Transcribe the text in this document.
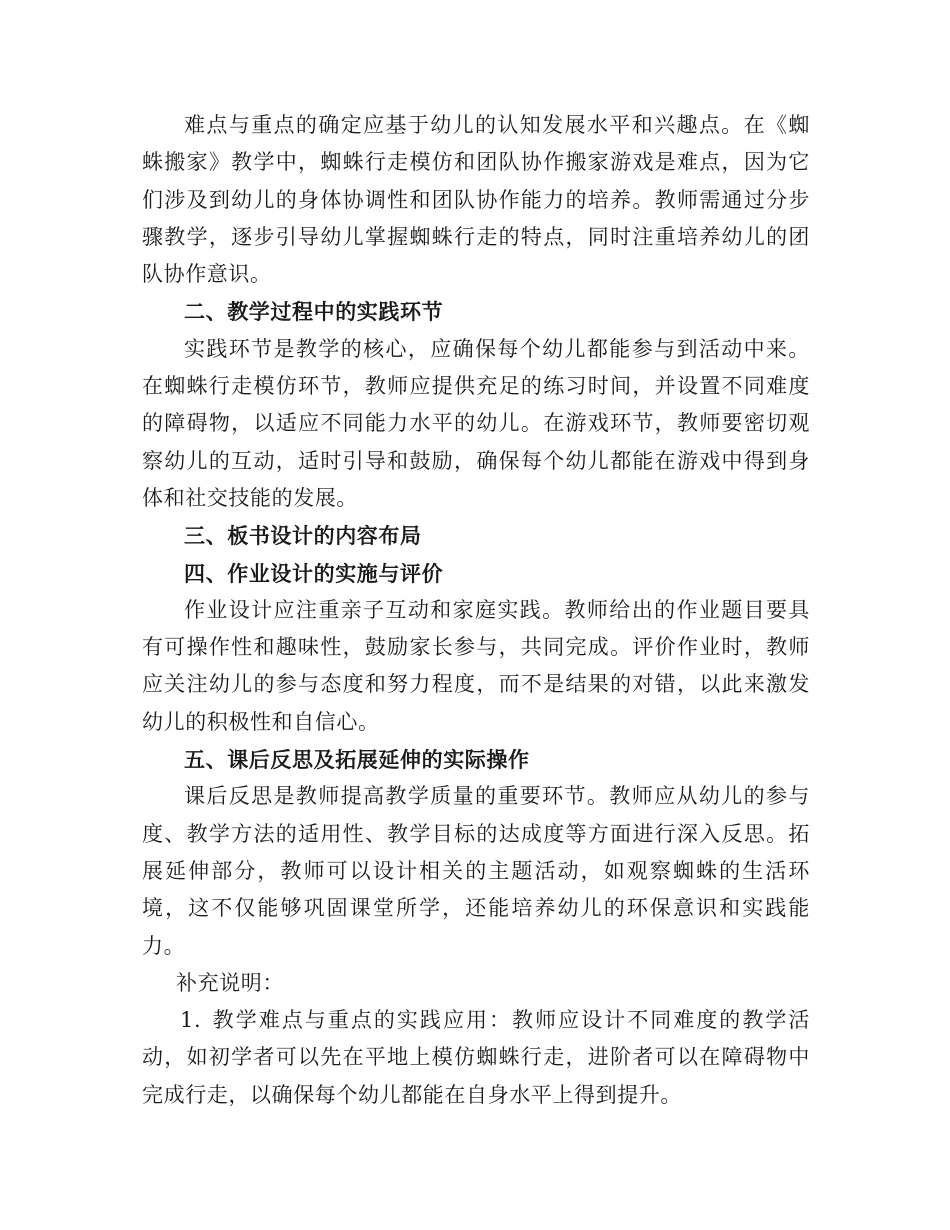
难点与重点的确定应基于幼儿的认知发展水平和兴趣点。在《蜘蛛搬家》教学中，蜘蛛行走模仿和团队协作搬家游戏是难点，因为它们涉及到幼儿的身体协调性和团队协作能力的培养。教师需通过分步骤教学，逐步引导幼儿掌握蜘蛛行走的特点，同时注重培养幼儿的团队协作意识。

二、教学过程中的实践环节

实践环节是教学的核心，应确保每个幼儿都能参与到活动中来。在蜘蛛行走模仿环节，教师应提供充足的练习时间，并设置不同难度的障碍物，以适应不同能力水平的幼儿。在游戏环节，教师要密切观察幼儿的互动，适时引导和鼓励，确保每个幼儿都能在游戏中得到身体和社交技能的发展。

三、板书设计的内容布局

四、作业设计的实施与评价

作业设计应注重亲子互动和家庭实践。教师给出的作业题目要具有可操作性和趣味性，鼓励家长参与，共同完成。评价作业时，教师应关注幼儿的参与态度和努力程度，而不是结果的对错，以此来激发幼儿的积极性和自信心。

五、课后反思及拓展延伸的实际操作

课后反思是教师提高教学质量的重要环节。教师应从幼儿的参与度、教学方法的适用性、教学目标的达成度等方面进行深入反思。拓展延伸部分，教师可以设计相关的主题活动，如观察蜘蛛的生活环境，这不仅能够巩固课堂所学，还能培养幼儿的环保意识和实践能力。

补充说明：

1. 教学难点与重点的实践应用：教师应设计不同难度的教学活动，如初学者可以先在平地上模仿蜘蛛行走，进阶者可以在障碍物中完成行走，以确保每个幼儿都能在自身水平上得到提升。
